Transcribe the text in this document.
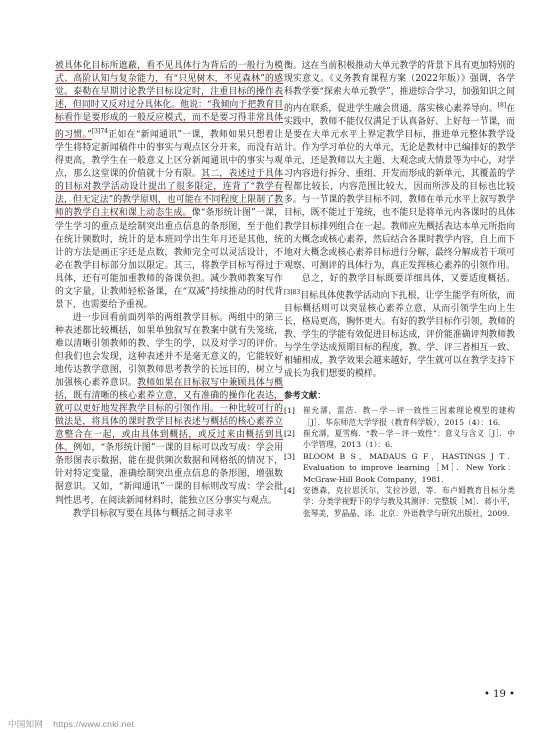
被具体化目标所遮蔽，看不见具体行为背后的一般行为模式、高阶认知与复杂能力，有“只见树木，不见森林”的感觉。泰勒在早期讨论教学目标设定时，注重目标的操作表述，但同时又反对过分具体化。他说：“我倾向于把教育目标看作是要形成的一般反应模式，而不是要习得非常具体的习惯。”$^{[3]74}$正如在“新闻通讯”一课，教师如果只想着让学生将特定新闻稿件中的事实与观点区分开来，而没有站得更高，教学生在一般意义上区分新闻通讯中的事实与观点，那么这堂课的价值就十分有限。其二，表述过于具体的目标对教学活动设计提出了很多限定，连背了“教学有法，但无定法”的教学原则，也可能在不同程度上限制了教师的教学自主权和课上动态生成。像“条形统计图”一课，学生学习的重点是绘制突出重点信息的条形图，至于他们在统计频数时，统计的是本班同学出生年月还是其他，统计的方法是画正字还是点数，教师完全可以灵活设计，不必在教学目标部分加以限定。其三，将教学目标写得过于具体，还有可能加重教师的备课负担。减少教师教案写作的文字量，让教师轻松备课，在“双减”持续推动的时代背景下，也需要给予重视。

进一步回看前面列举的两组教学目标。两组中的第三种表述都比较概括，如果单独叙写在教案中就有失笼统，难以清晰引领教师的教、学生的学，以及对学习的评价。但我们也会发现，这种表述并不是毫无意义的，它能较好地传达教学意图，引领教师思考教学的长远目的，树立与加强核心素养意识。教师如果在目标叙写中兼顾具体与概括，既有清晰的核心素养立意，又有准确的操作化表达，就可以更好地发挥教学目标的引领作用。一种比较可行的做法是，将具体的课时教学目标表述与概括的核心素养立意整合在一起，或由具体到概括，或反过来由概括到具体。例如，“条形统计图”一课的目标可以改写成：学会用条形图表示数据，能在提供频次数据和网格纸的情况下，针对特定变量，准确绘制突出重点信息的条形图，增强数据意识。又如，“新闻通讯”一课的目标则改写成：学会批判性思考，在阅读新闻材料时，能独立区分事实与观点。

教学目标叙写要在具体与概括之间寻求平

衡。这在当前积极推动大单元教学的背景下具有更加特别的现实意义。《义务教育课程方案（2022年版）》强调，各学科教学要“探索大单元教学”，推进综合学习，加强知识之间的内在联系，促进学生融会贯通，落实核心素养导向。[8]在实践中，教师不能仅仅满足于认真备好、上好每一节课，而是要在大单元水平上界定教学目标，推进单元整体教学设计。作为学习单位的大单元，无论是教材中已编排好的教学单元，还是教师以大主题、大观念或大情景等为中心，对学习内容进行拆分、重组、开发而形成的新单元，其覆盖的学程都比较长，内容范围比较大，因而所涉及的目标也比较多。与一节课的教学目标不同，教师在单元水平上叙写教学目标，既不能过于笼统，也不能只是将单元内各课时的具体教学目标排列组合在一起。教师应先概括表达本单元所指向的大概念或核心素养，然后结合各课时教学内容，自上而下地对大概念或核心素养目标进行分解，最终分解成若干项可观察、可测评的具体行为，真正发挥核心素养的引领作用。

总之，好的教学目标既要详细具体，又要适度概括。$^{[3]83}$目标具体使教学活动向下扎根，让学生能学有所依，而目标概括则可以突显核心素养立意，从而引领学生向上生长，格局更高，胸怀更大。有好的教学目标作引领，教师的教、学生的学能有效促进目标达成，评价能准确评判教师教与学生学达成预期目标的程度，教、学、评三者相互一致、相辅相成，教学效果会越来越好，学生就可以在教学支持下成长为我们想要的模样。

参考文献：
[1]	崔允漷，雷浩．教－学－评一致性三因素理论模型的建构［J］．华东师范大学学报（教育科学版），2015（4）：16．
[2]	崔允漷，夏雪梅．“教－学－评一致性”：意义与含义［J］．中小学管理，2013（1）：6．
[3]	BLOOM B S，MADAUS G F，HASTINGS J T．Evaluation to improve learning［M］．New York：McGraw-Hill Book Company，1981．
[4]	安德森，克拉思沃尔，艾拉沙恩，等．布卢姆教育目标分类学：分类学视野下的学与教及其测评：完整版［M］．蒋小平，张琴美，罗晶晶，译．北京：外语教学与研究出版社，2009．
• 19 •
中国知网 https://www.cnki.net
